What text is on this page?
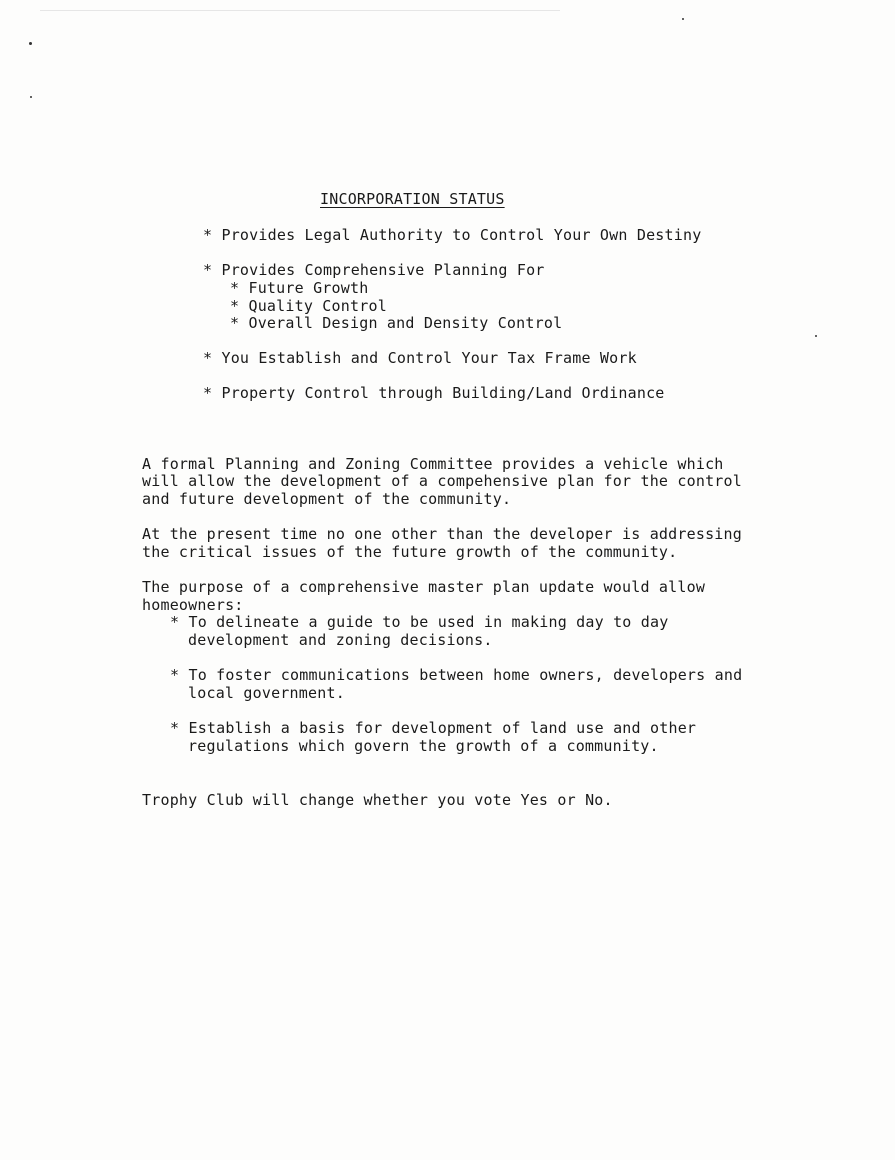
INCORPORATION STATUS
* Provides Legal Authority to Control Your Own Destiny
* Provides Comprehensive Planning For
* Future Growth
* Quality Control
* Overall Design and Density Control
* You Establish and Control Your Tax Frame Work
* Property Control through Building/Land Ordinance
A formal Planning and Zoning Committee provides a vehicle which
will allow the development of a compehensive plan for the control
and future development of the community.
At the present time no one other than the developer is addressing
the critical issues of the future growth of the community.
The purpose of a comprehensive master plan update would allow
homeowners:
* To delineate a guide to be used in making day to day
development and zoning decisions.
* To foster communications between home owners, developers and
local government.
* Establish a basis for development of land use and other
regulations which govern the growth of a community.
Trophy Club will change whether you vote Yes or No.
